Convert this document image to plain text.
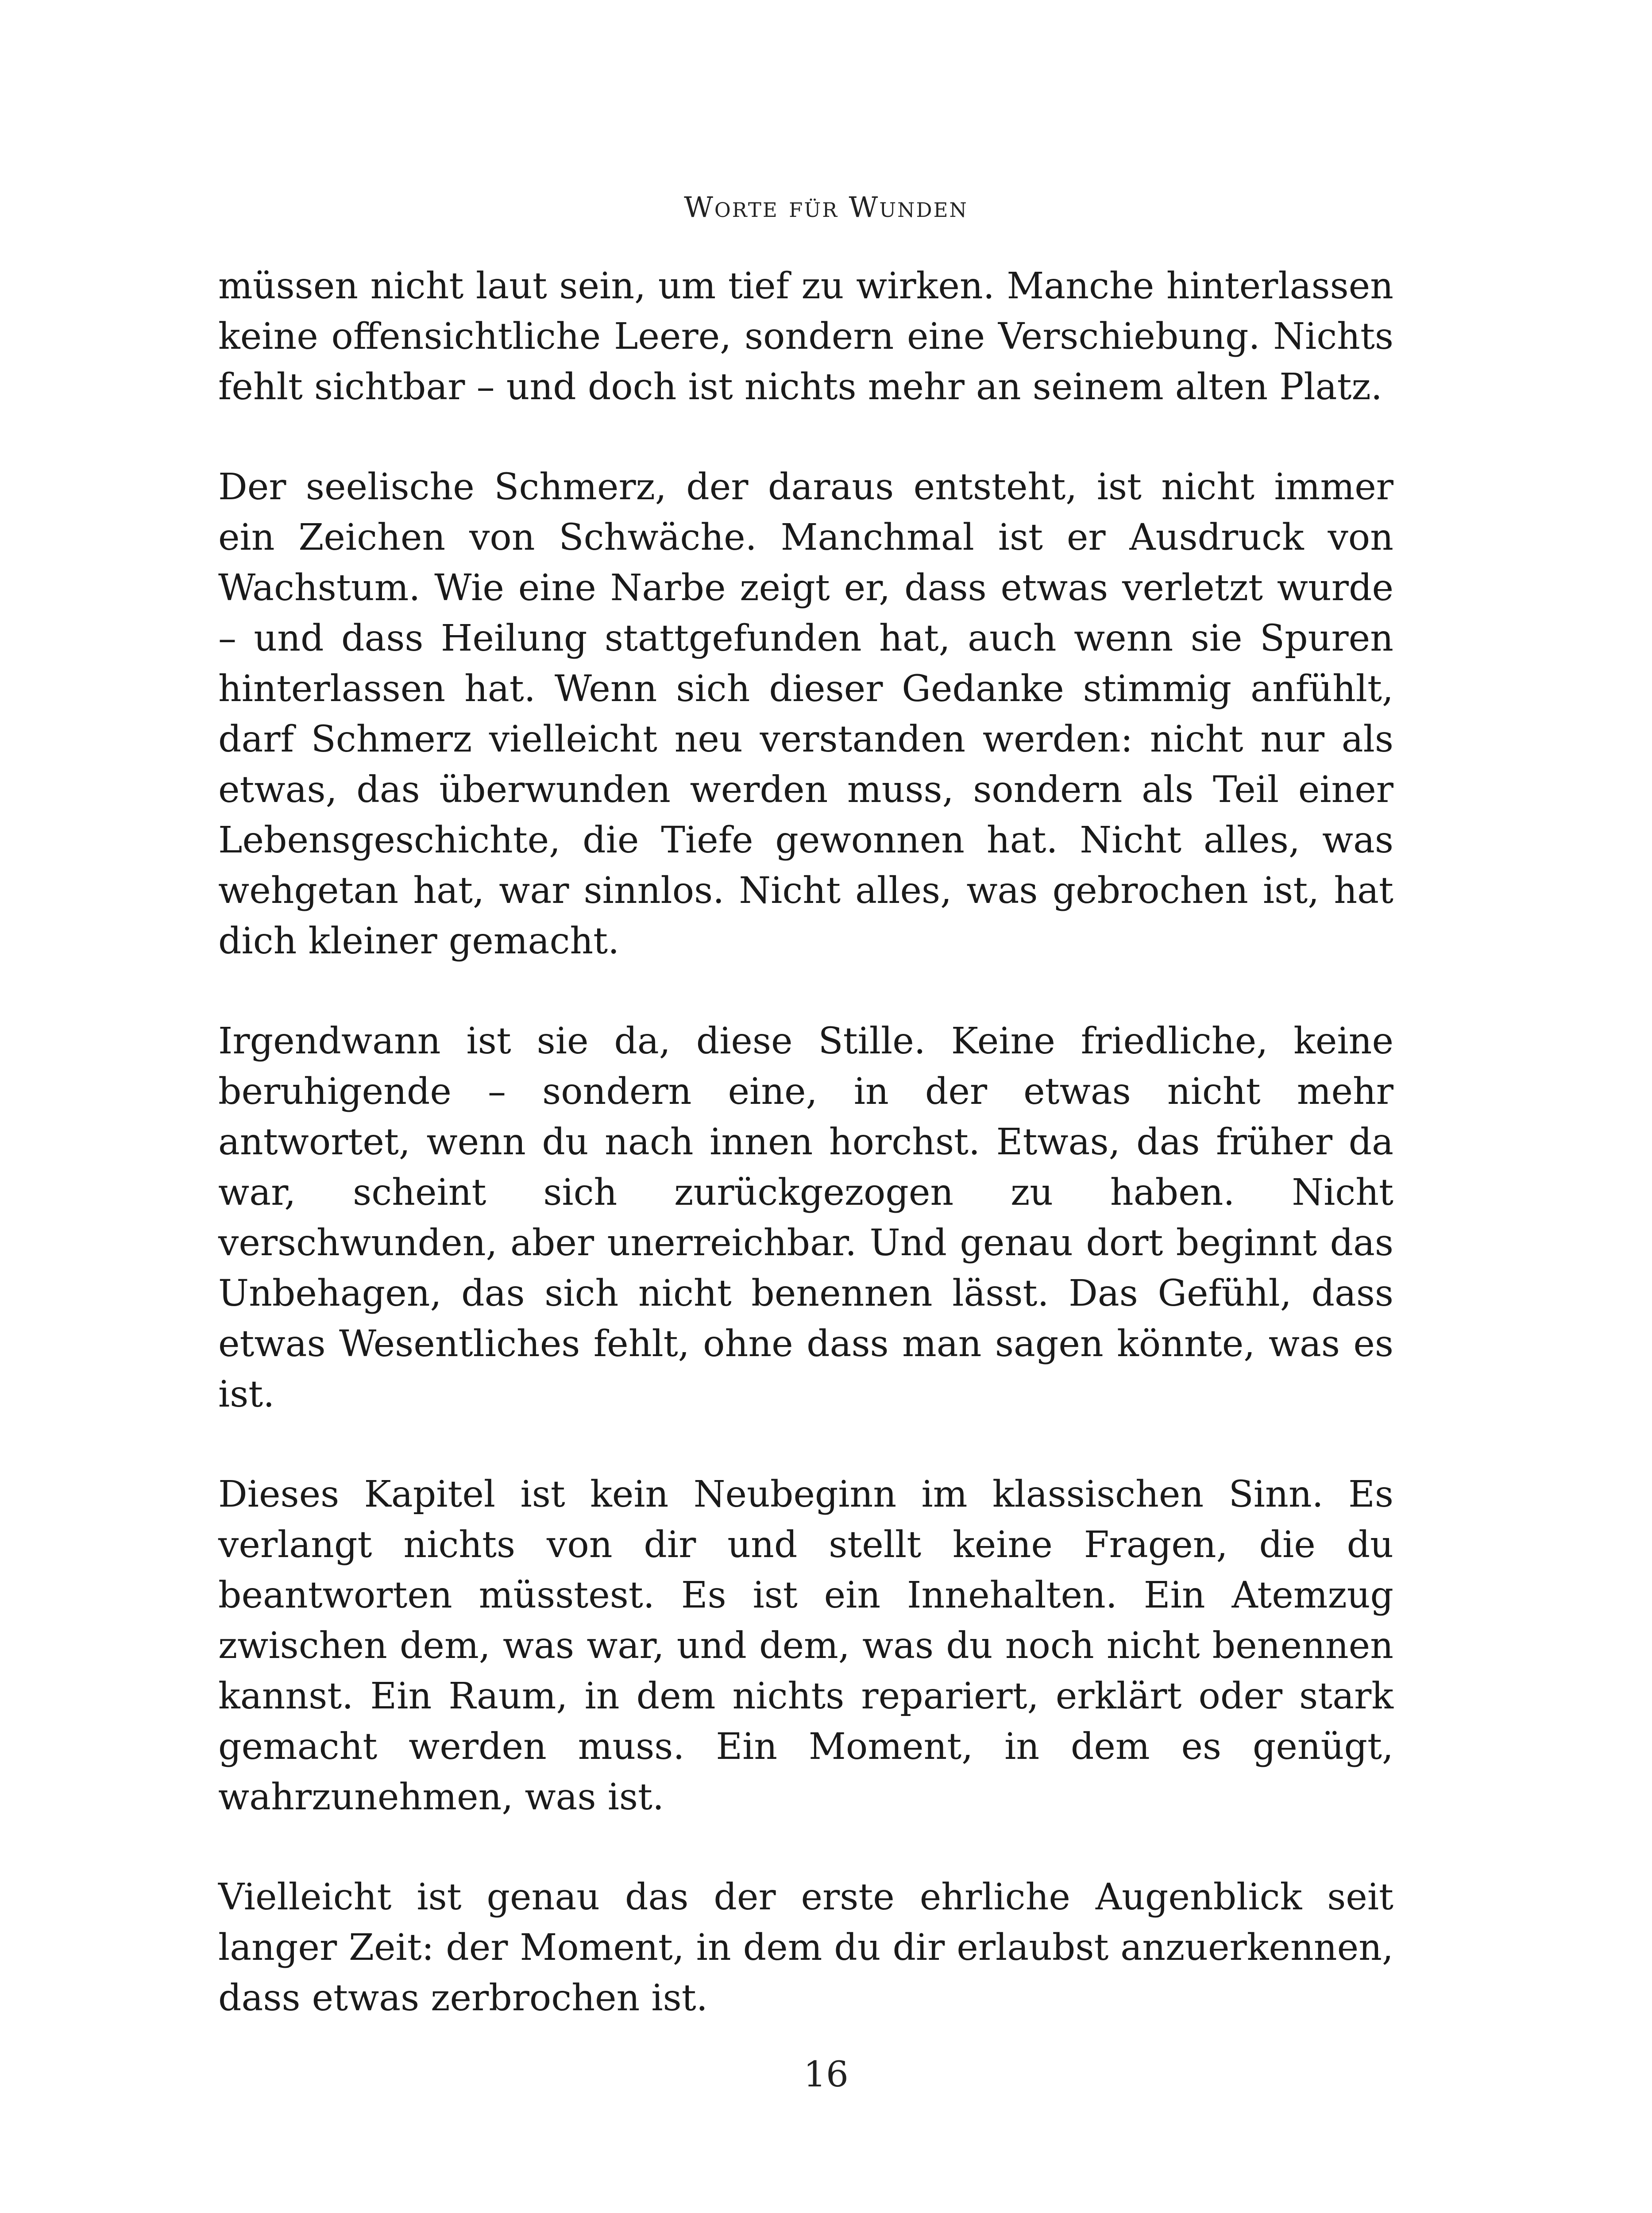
Worte für Wunden

müssen nicht laut sein, um tief zu wirken. Manche hinterlassen keine offensichtliche Leere, sondern eine Verschiebung. Nichts fehlt sichtbar – und doch ist nichts mehr an seinem alten Platz.

Der seelische Schmerz, der daraus entsteht, ist nicht immer ein Zeichen von Schwäche. Manchmal ist er Ausdruck von Wachstum. Wie eine Narbe zeigt er, dass etwas verletzt wurde – und dass Heilung stattgefunden hat, auch wenn sie Spuren hinterlassen hat. Wenn sich dieser Gedanke stimmig anfühlt, darf Schmerz vielleicht neu verstanden werden: nicht nur als etwas, das überwunden werden muss, sondern als Teil einer Lebensgeschichte, die Tiefe gewonnen hat. Nicht alles, was wehgetan hat, war sinnlos. Nicht alles, was gebrochen ist, hat dich kleiner gemacht.

Irgendwann ist sie da, diese Stille. Keine friedliche, keine beruhigende – sondern eine, in der etwas nicht mehr antwortet, wenn du nach innen horchst. Etwas, das früher da war, scheint sich zurückgezogen zu haben. Nicht verschwunden, aber unerreichbar. Und genau dort beginnt das Unbehagen, das sich nicht benennen lässt. Das Gefühl, dass etwas Wesentliches fehlt, ohne dass man sagen könnte, was es ist.

Dieses Kapitel ist kein Neubeginn im klassischen Sinn. Es verlangt nichts von dir und stellt keine Fragen, die du beantworten müsstest. Es ist ein Innehalten. Ein Atemzug zwischen dem, was war, und dem, was du noch nicht benennen kannst. Ein Raum, in dem nichts repariert, erklärt oder stark gemacht werden muss. Ein Moment, in dem es genügt, wahrzunehmen, was ist.

Vielleicht ist genau das der erste ehrliche Augenblick seit langer Zeit: der Moment, in dem du dir erlaubst anzuerkennen, dass etwas zerbrochen ist.

16
